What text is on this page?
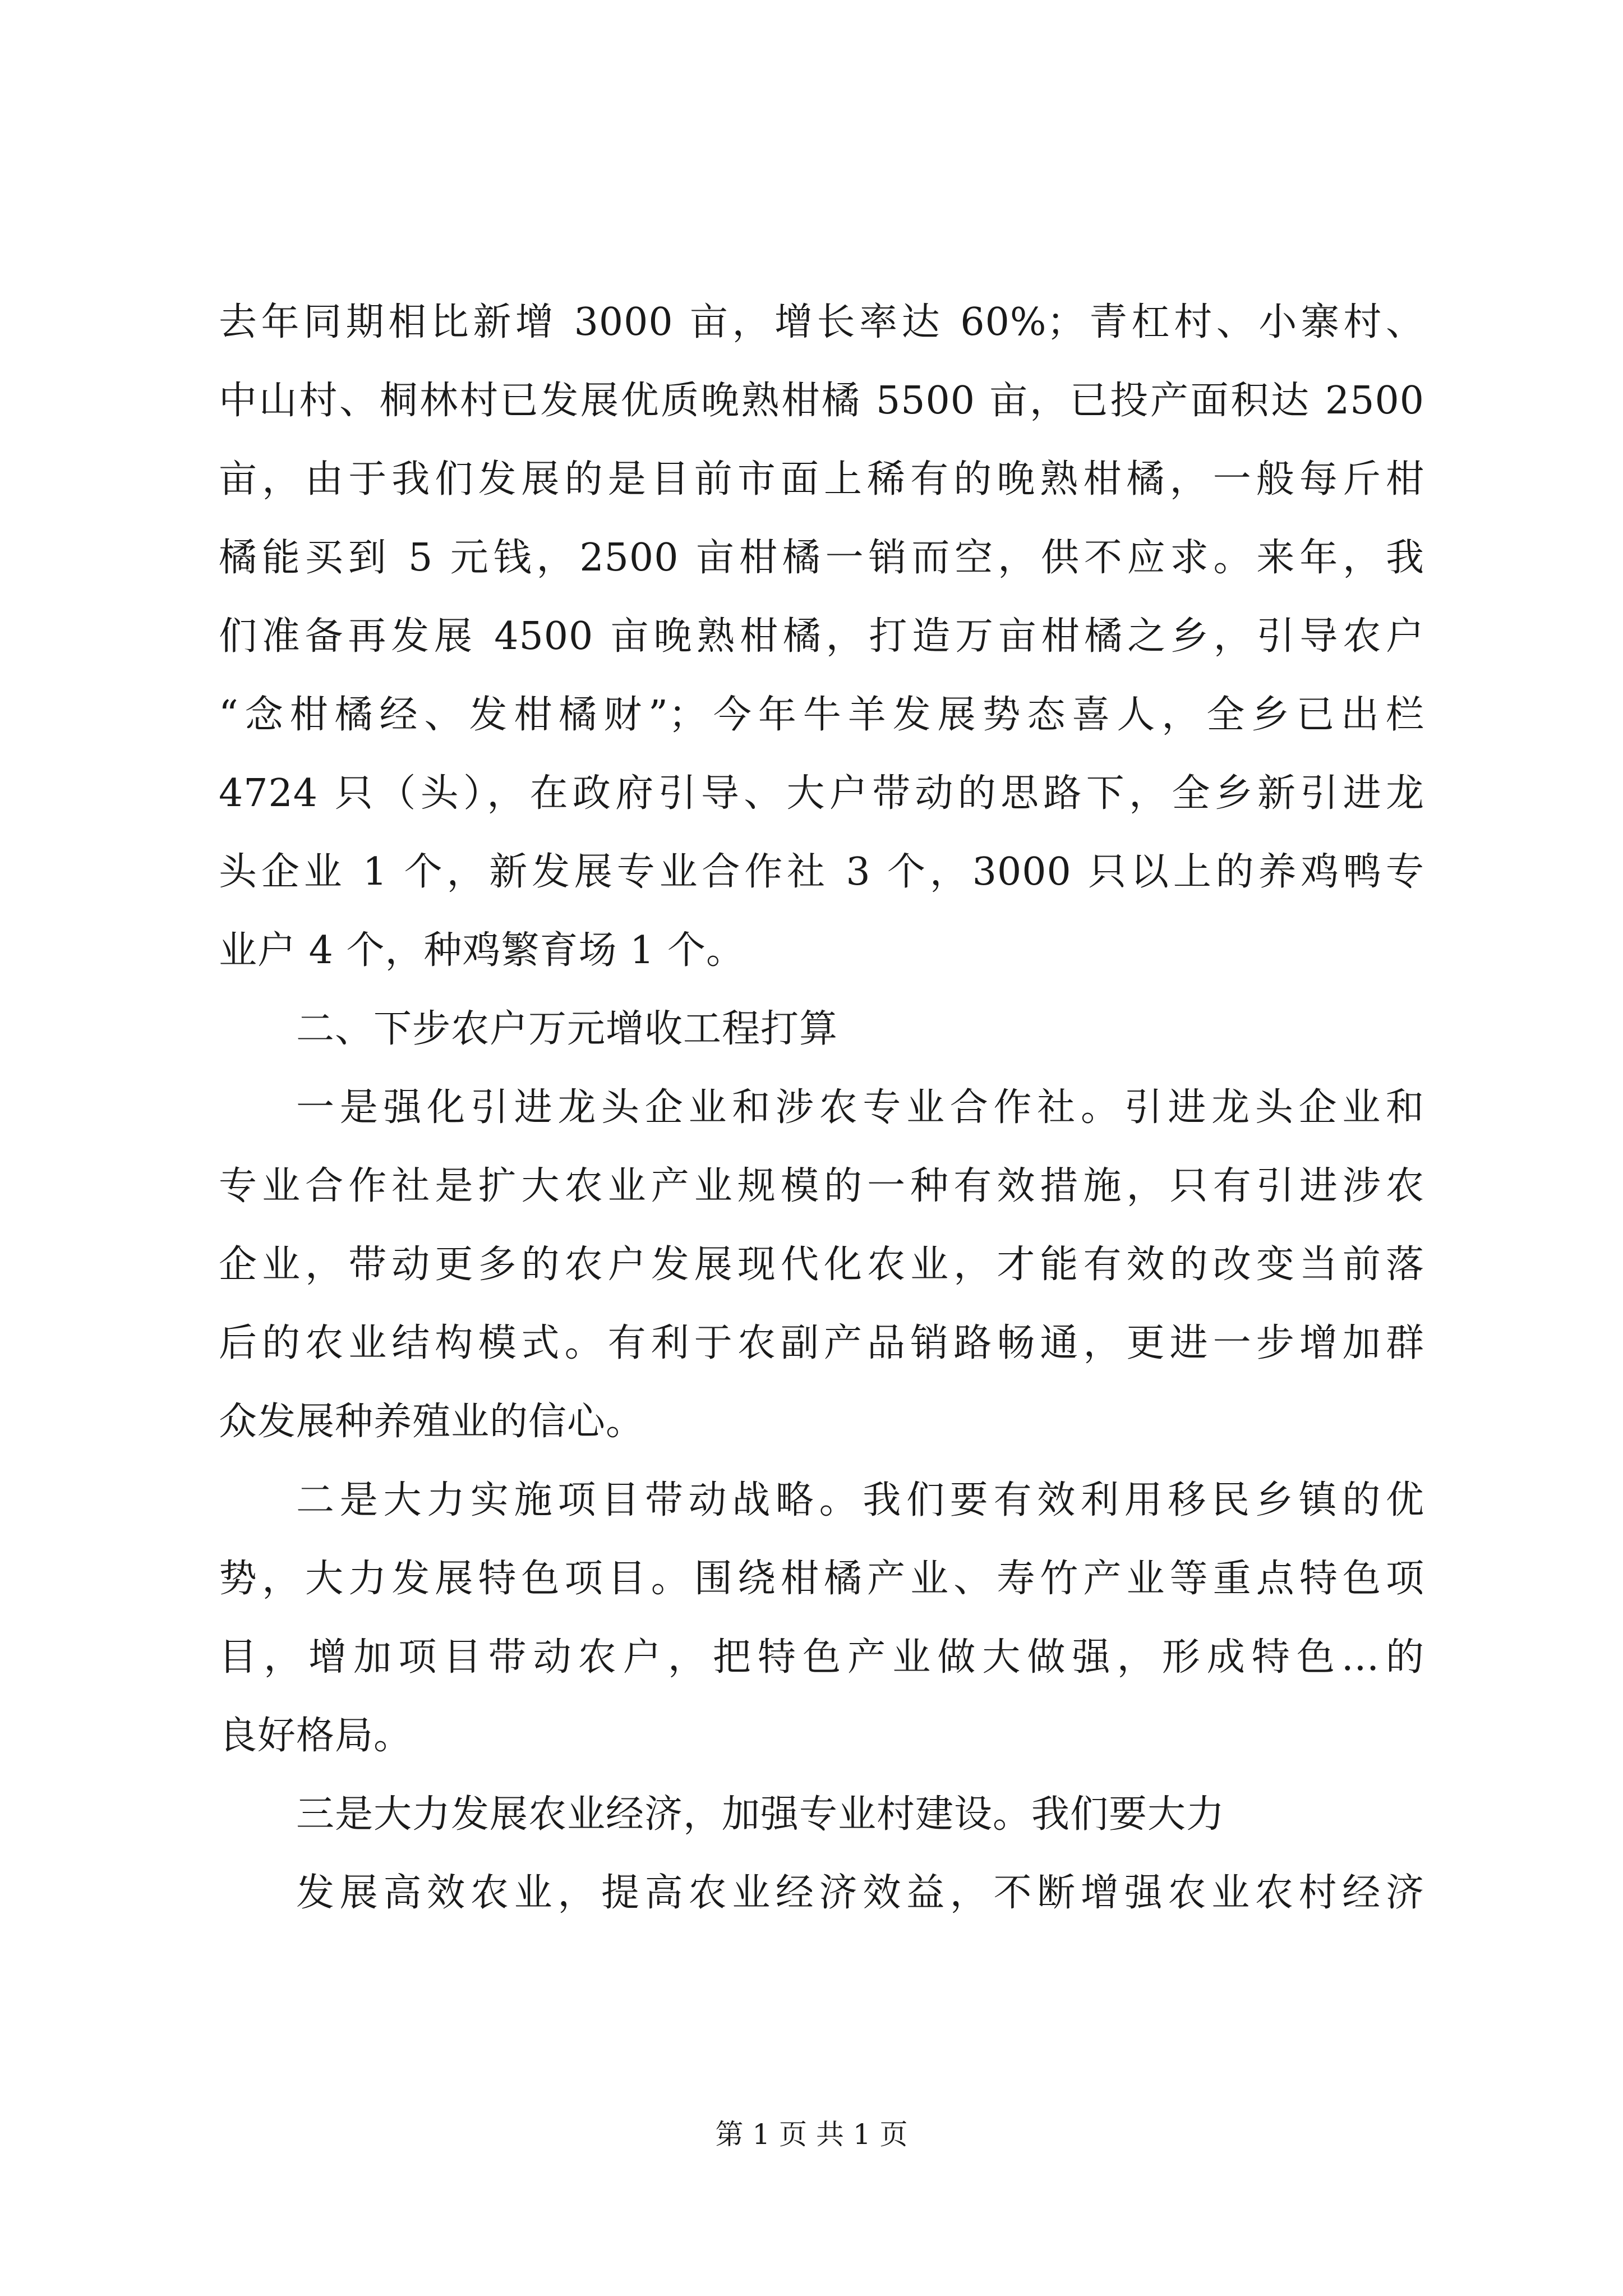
去年同期相比新增 3000 亩，增长率达 60%；青杠村、小寨村、
中山村、桐林村已发展优质晚熟柑橘 5500 亩，已投产面积达 2500
亩，由于我们发展的是目前市面上稀有的晚熟柑橘，一般每斤柑
橘能买到 5 元钱，2500 亩柑橘一销而空，供不应求。来年，我
们准备再发展 4500 亩晚熟柑橘，打造万亩柑橘之乡，引导农户
“念柑橘经、发柑橘财”；今年牛羊发展势态喜人，全乡已出栏
4724 只（头），在政府引导、大户带动的思路下，全乡新引进龙
头企业 1 个，新发展专业合作社 3 个，3000 只以上的养鸡鸭专
业户 4 个，种鸡繁育场 1 个。
二、下步农户万元增收工程打算
一是强化引进龙头企业和涉农专业合作社。引进龙头企业和
专业合作社是扩大农业产业规模的一种有效措施，只有引进涉农
企业，带动更多的农户发展现代化农业，才能有效的改变当前落
后的农业结构模式。有利于农副产品销路畅通，更进一步增加群
众发展种养殖业的信心。
二是大力实施项目带动战略。我们要有效利用移民乡镇的优
势，大力发展特色项目。围绕柑橘产业、寿竹产业等重点特色项
目，增加项目带动农户，把特色产业做大做强，形成特色...的
良好格局。
三是大力发展农业经济，加强专业村建设。我们要大力
发展高效农业，提高农业经济效益，不断增强农业农村经济
第 1 页 共 1 页
